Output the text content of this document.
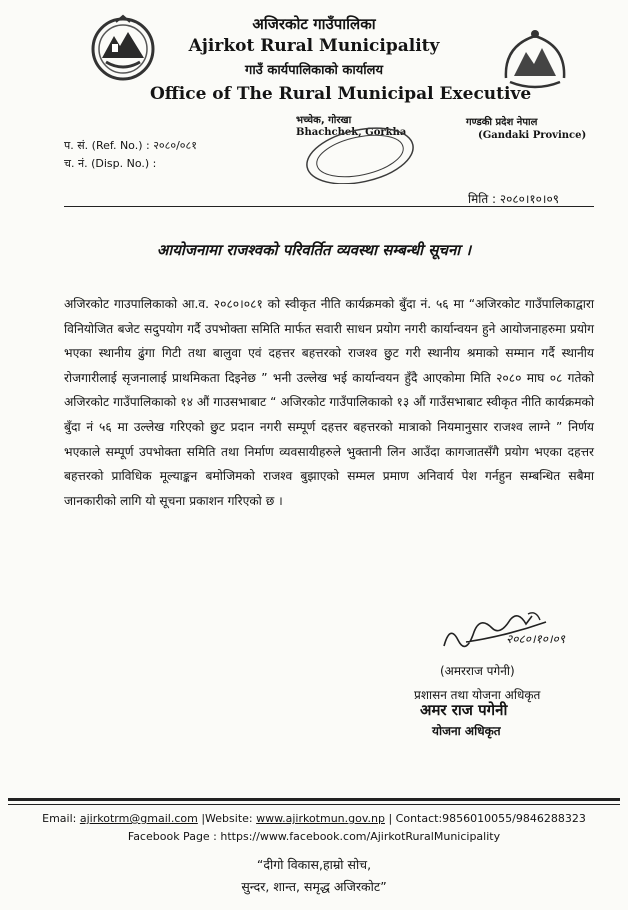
अजिरकोट गाउँपालिका
Ajirkot Rural Municipality
गाउँ कार्यपालिकाको कार्यालय
Office of The Rural Municipal Executive
भच्चेक, गोरखा
Bhachchek, Gorkha
गण्डकी प्रदेश नेपाल
(Gandaki Province)
प. सं. (Ref. No.) : २०८०/०८१
च. नं. (Disp. No.) :
मिति : २०८०।१०।०९
आयोजनामा राजश्वको परिवर्तित व्यवस्था सम्बन्धी सूचना ।
अजिरकोट गाउपालिकाको आ.व. २०८०।०८१ को स्वीकृत नीति कार्यक्रमको बुँदा नं. ५६ मा “अजिरकोट गाउँपालिकाद्वारा विनियोजित बजेट सदुपयोग गर्दै उपभोक्ता समिति मार्फत सवारी साधन प्रयोग नगरी कार्यान्वयन हुने आयोजनाहरुमा प्रयोग भएका स्थानीय ढुंगा गिटी तथा बालुवा एवं दहत्तर बहत्तरको राजश्व छुट गरी स्थानीय श्रमाको सम्मान गर्दै स्थानीय रोजगारीलाई सृजनालाई प्राथमिकता दिइनेछ ” भनी उल्लेख भई कार्यान्वयन हुँदै आएकोमा मिति २०८० माघ ०८ गतेको अजिरकोट गाउँपालिकाको १४ औं गाउसभाबाट “ अजिरकोट गाउँपालिकाको १३ औं गाउँसभाबाट स्वीकृत नीति कार्यक्रमको बुँदा नं ५६ मा उल्लेख गरिएको छुट प्रदान नगरी सम्पूर्ण दहत्तर बहत्तरको मात्राको नियमानुसार राजश्व लाग्ने ” निर्णय भएकाले सम्पूर्ण उपभोक्ता समिति तथा निर्माण व्यवसायीहरुले भुक्तानी लिन आउँदा कागजातसँगै प्रयोग भएका दहत्तर बहत्तरको प्राविधिक मूल्याङ्कन बमोजिमको राजश्व बुझाएको सम्मल प्रमाण अनिवार्य पेश गर्नहुन सम्बन्धित सबैमा जानकारीको लागि यो सूचना प्रकाशन गरिएको छ ।
२०८०।१०।०९
(अमरराज पगेनी)
प्रशासन तथा योजना अधिकृत
अमर राज पगेनी
योजना अधिकृत
Email: ajirkotrm@gmail.com |Website: www.ajirkotmun.gov.np | Contact:9856010055/9846288323
Facebook Page : https://www.facebook.com/AjirkotRuralMunicipality
“दीगो विकास,हाम्रो सोच,
सुन्दर, शान्त, समृद्ध अजिरकोट”
